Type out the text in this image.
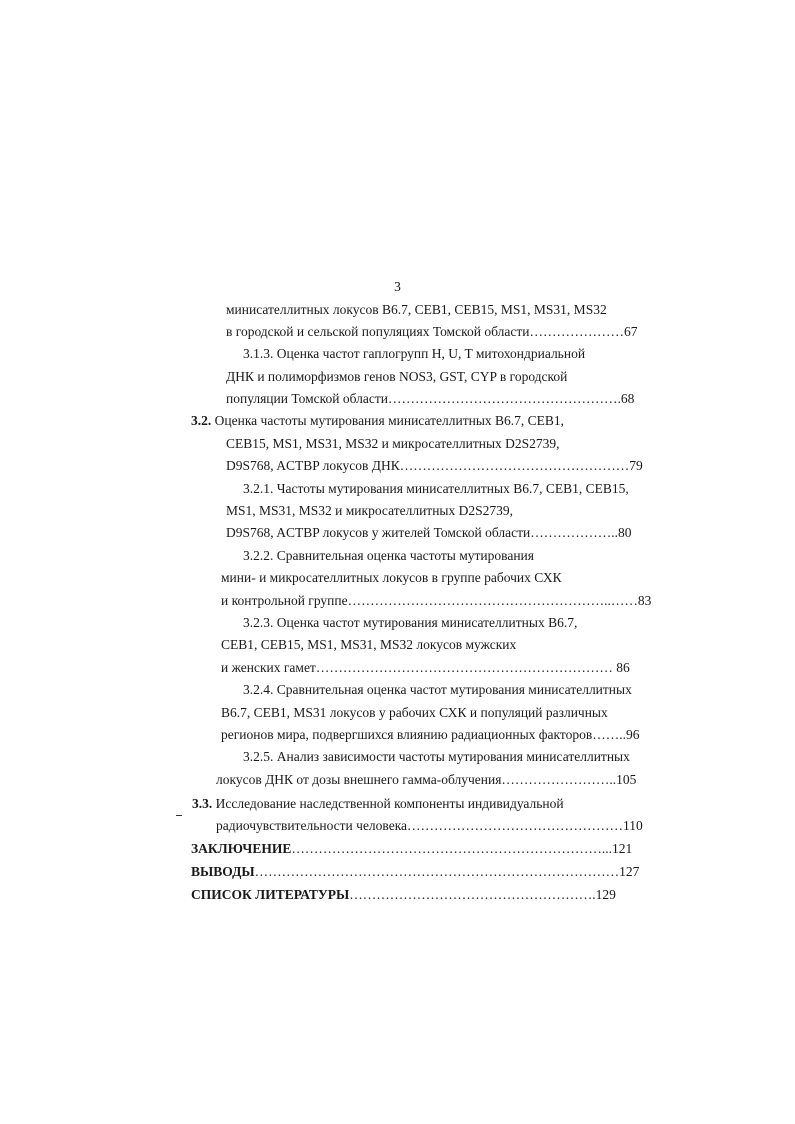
3
минисателлитных локусов В6.7, СЕВ1, СЕВ15, MS1, MS31, MS32
в городской и сельской популяциях Томской области…………………67
3.1.3. Оценка частот гаплогрупп H, U, T митохондриальной
ДНК и полиморфизмов генов NOS3, GST, CYP в городской
популяции Томской области…………………………………………….68
3.2. Оценка частоты мутирования минисателлитных В6.7, СЕВ1,
СЕВ15, MS1, MS31, MS32 и микросателлитных D2S2739,
D9S768, ACTBP локусов ДНК……………………………………………79
3.2.1. Частоты мутирования минисателлитных В6.7, СЕВ1, СЕВ15,
MS1, MS31, MS32 и микросателлитных D2S2739,
D9S768, ACTBP локусов у жителей Томской области………………..80
3.2.2. Сравнительная оценка частоты мутирования
мини- и микросателлитных локусов в группе рабочих СХК
и контрольной группе…………………………………………………..……83
3.2.3. Оценка частот мутирования минисателлитных В6.7,
СЕВ1, СЕВ15, MS1, MS31, MS32 локусов мужских
и женских гамет………………………………………………………… 86
3.2.4. Сравнительная оценка частот мутирования минисателлитных
В6.7, СЕВ1, MS31 локусов у рабочих СХК и популяций различных
регионов мира, подвергшихся влиянию радиационных факторов……..96
3.2.5. Анализ зависимости частоты мутирования минисателлитных
локусов ДНК от дозы внешнего гамма-облучения……………………..105
3.3. Исследование наследственной компоненты индивидуальной
радиочувствительности человека…………………………………………110
ЗАКЛЮЧЕНИЕ……………………………………………………………...121
ВЫВОДЫ………………………………………………………………………127
СПИСОК ЛИТЕРАТУРЫ……………………………………………….129
